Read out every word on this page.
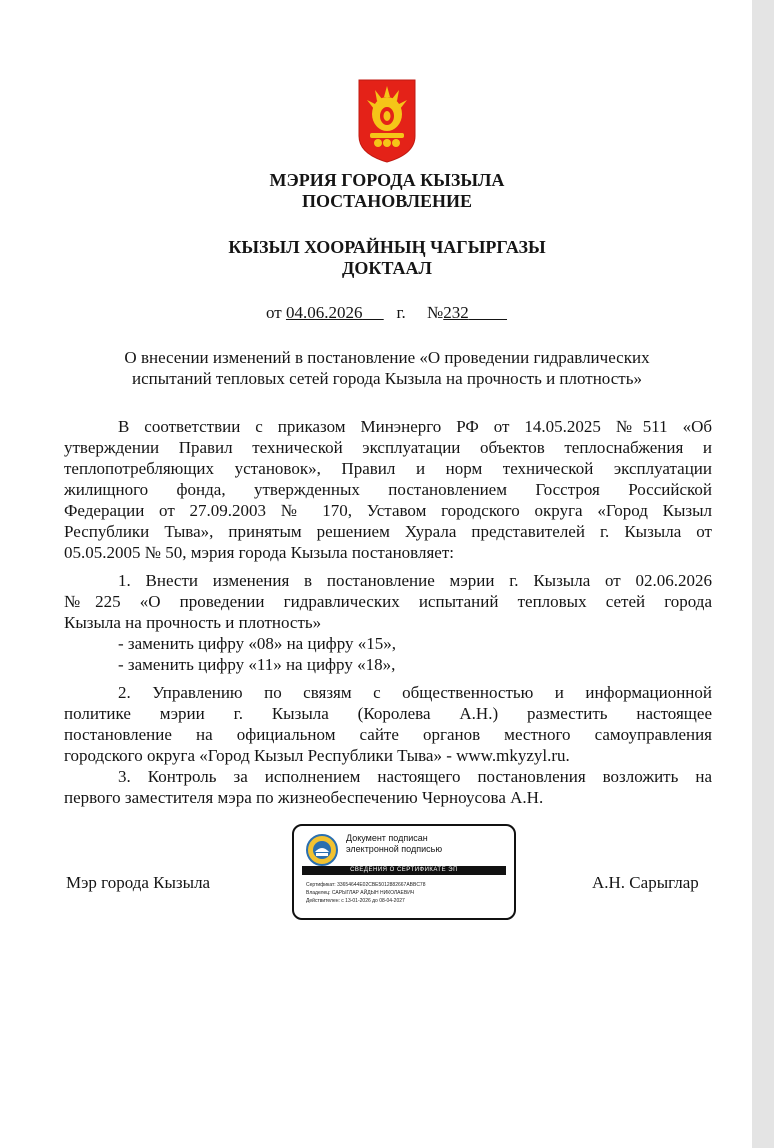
МЭРИЯ ГОРОДА КЫЗЫЛА
ПОСТАНОВЛЕНИЕ
КЫЗЫЛ ХООРАЙНЫҢ ЧАГЫРГАЗЫ
ДОКТААЛ
от 04.06.2026 г. №232
О внесении изменений в постановление «О проведении гидравлических
испытаний тепловых сетей города Кызыла на прочность и плотность»
В соответствии с приказом Минэнерго РФ от 14.05.2025 №511 «Об
утверждении Правил технической эксплуатации объектов теплоснабжения и
теплопотребляющих установок», Правил и норм технической эксплуатации
жилищного фонда, утвержденных постановлением Госстроя Российской
Федерации от 27.09.2003 № 170, Уставом городского округа «Город Кызыл
Республики Тыва», принятым решением Хурала представителей г. Кызыла от
05.05.2005 № 50, мэрия города Кызыла постановляет:
1. Внести изменения в постановление мэрии г. Кызыла от 02.06.2026
№225 «О проведении гидравлических испытаний тепловых сетей города
Кызыла на прочность и плотность»
- заменить цифру «08» на цифру «15»,
- заменить цифру «11» на цифру «18»,
2. Управлению по связям с общественностью и информационной
политике мэрии г. Кызыла (Королева А.Н.) разместить настоящее
постановление на официальном сайте органов местного самоуправления
городского округа «Город Кызыл Республики Тыва» - www.mkyzyl.ru.
3. Контроль за исполнением настоящего постановления возложить на
первого заместителя мэра по жизнеобеспечению Черноусова А.Н.
Мэр города Кызыла	А.Н. Сарыглар
Документ подписан
электронной подписью
СВЕДЕНИЯ О СЕРТИФИКАТЕ ЭП
Сертификат: 33654644E02CBE5012882667ABBC78
Владелец: САРЫГЛАР АЙДЫН НИКОЛАЕВИЧ
Действителен: с 13-01-2026 до 08-04-2027
